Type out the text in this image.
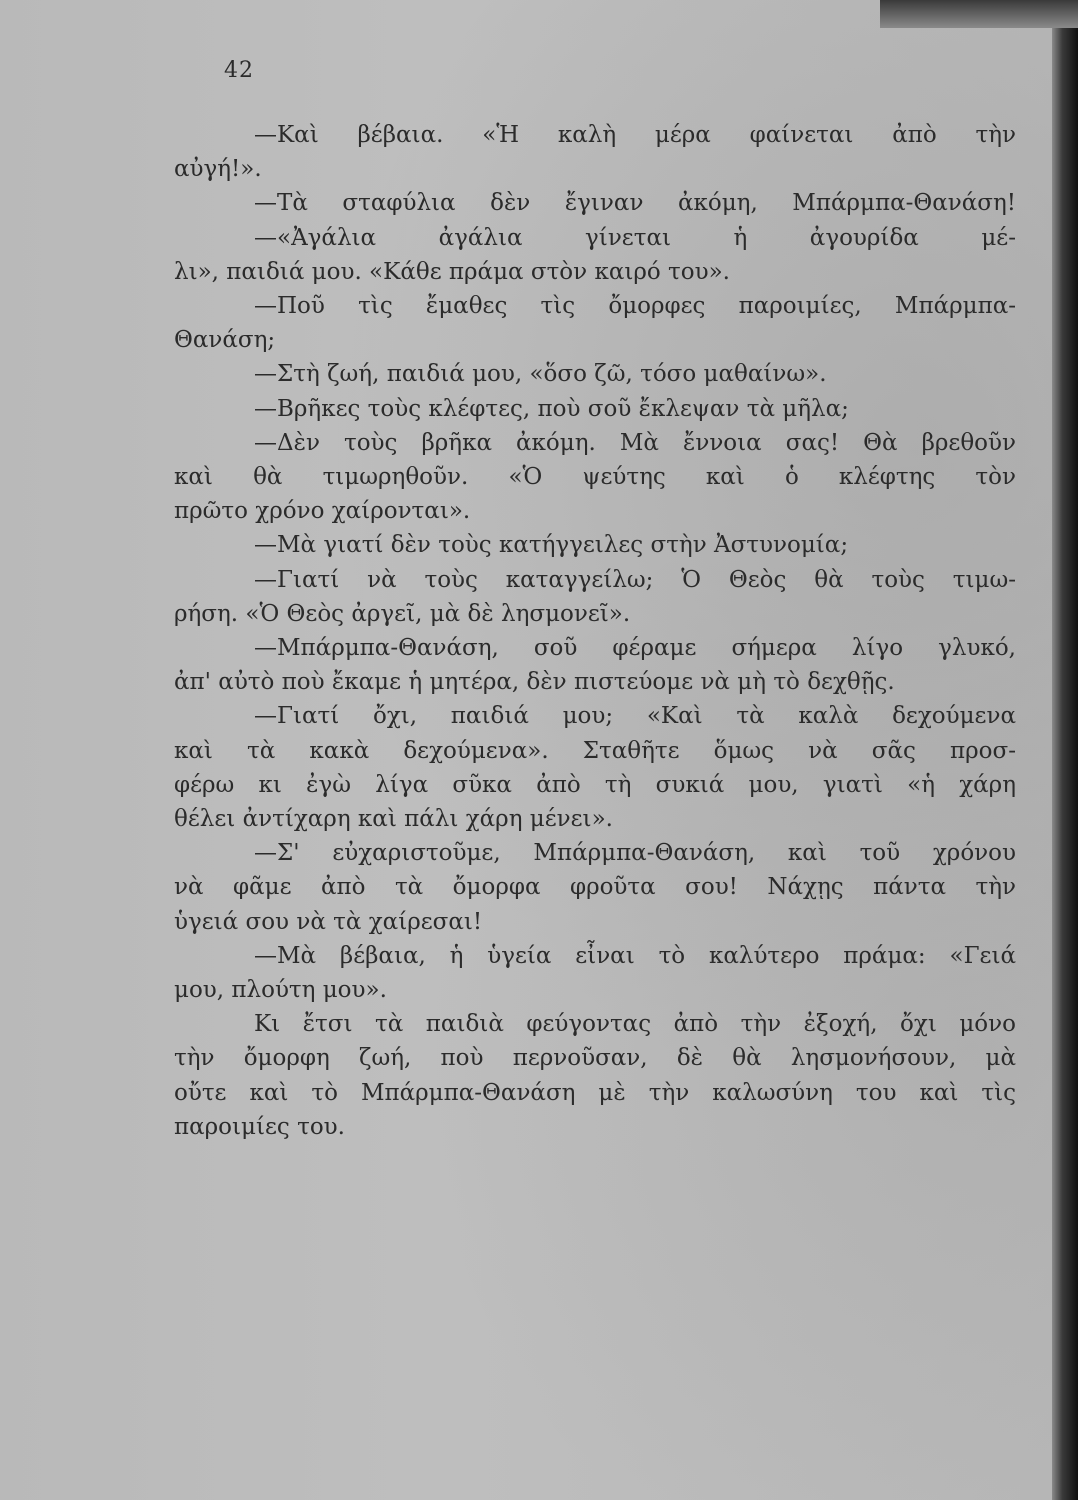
42
—Καὶ βέβαια. «Ἡ καλὴ μέρα φαίνεται ἀπὸ τὴν
αὐγή!».
—Τὰ σταφύλια δὲν ἔγιναν ἀκόμη, Μπάρμπα-Θανάση!
—«Ἀγάλια ἀγάλια γίνεται ἡ ἀγουρίδα μέ-
λι», παιδιά μου. «Κάθε πράμα στὸν καιρό του».
—Ποῦ τὶς ἔμαθες τὶς ὄμορφες παροιμίες, Μπάρμπα-
Θανάση;
—Στὴ ζωή, παιδιά μου, «ὅσο ζῶ, τόσο μαθαίνω».
—Βρῆκες τοὺς κλέφτες, ποὺ σοῦ ἔκλεψαν τὰ μῆλα;
—Δὲν τοὺς βρῆκα ἀκόμη. Μὰ ἔννοια σας! Θὰ βρεθοῦν
καὶ θὰ τιμωρηθοῦν. «Ὁ ψεύτης καὶ ὁ κλέφτης τὸν
πρῶτο χρόνο χαίρονται».
—Μὰ γιατί δὲν τοὺς κατήγγειλες στὴν Ἀστυνομία;
—Γιατί νὰ τοὺς καταγγείλω; Ὁ Θεὸς θὰ τοὺς τιμω-
ρήση. «Ὁ Θεὸς ἀργεῖ, μὰ δὲ λησμονεῖ».
—Μπάρμπα-Θανάση, σοῦ φέραμε σήμερα λίγο γλυκό,
ἀπ' αὐτὸ ποὺ ἔκαμε ἡ μητέρα, δὲν πιστεύομε νὰ μὴ τὸ δεχθῇς.
—Γιατί ὄχι, παιδιά μου; «Καὶ τὰ καλὰ δεχούμενα
καὶ τὰ κακὰ δεχούμενα». Σταθῆτε ὅμως νὰ σᾶς προσ-
φέρω κι ἐγὼ λίγα σῦκα ἀπὸ τὴ συκιά μου, γιατὶ «ἡ χάρη
θέλει ἀντίχαρη καὶ πάλι χάρη μένει».
—Σ' εὐχαριστοῦμε, Μπάρμπα-Θανάση, καὶ τοῦ χρόνου
νὰ φᾶμε ἀπὸ τὰ ὄμορφα φροῦτα σου! Νάχῃς πάντα τὴν
ὑγειά σου νὰ τὰ χαίρεσαι!
—Μὰ βέβαια, ἡ ὑγεία εἶναι τὸ καλύτερο πράμα: «Γειά
μου, πλούτη μου».
Κι ἔτσι τὰ παιδιὰ φεύγοντας ἀπὸ τὴν ἐξοχή, ὄχι μόνο
τὴν ὄμορφη ζωή, ποὺ περνοῦσαν, δὲ θὰ λησμονήσουν, μὰ
οὔτε καὶ τὸ Μπάρμπα-Θανάση μὲ τὴν καλωσύνη του καὶ τὶς
παροιμίες του.
